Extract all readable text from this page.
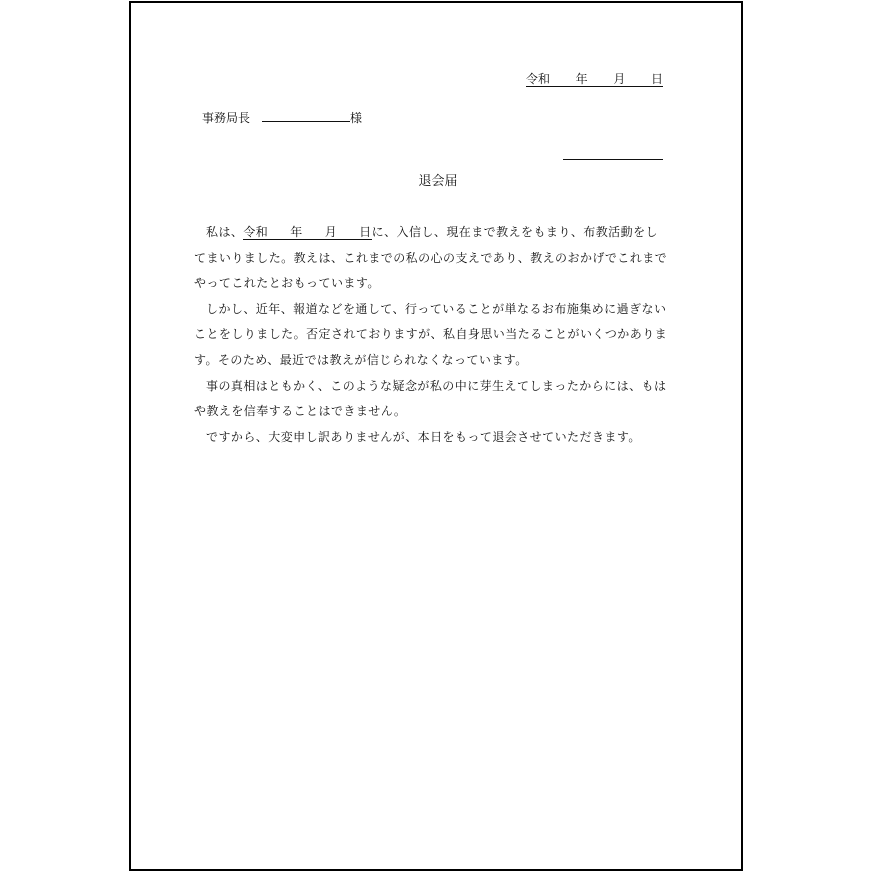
令和 年 月 日
事務局長	様
退会届
私は、令和 年 月 日に、入信し、現在まで教えをもまり、布教活動をし
てまいりました。教えは、これまでの私の心の支えであり、教えのおかげでこれまで
やってこれたとおもっています。
しかし、近年、報道などを通して、行っていることが単なるお布施集めに過ぎない
ことをしりました。否定されておりますが、私自身思い当たることがいくつかありま
す。そのため、最近では教えが信じられなくなっています。
事の真相はともかく、このような疑念が私の中に芽生えてしまったからには、もは
や教えを信奉することはできません。
ですから、大変申し訳ありませんが、本日をもって退会させていただきます。
